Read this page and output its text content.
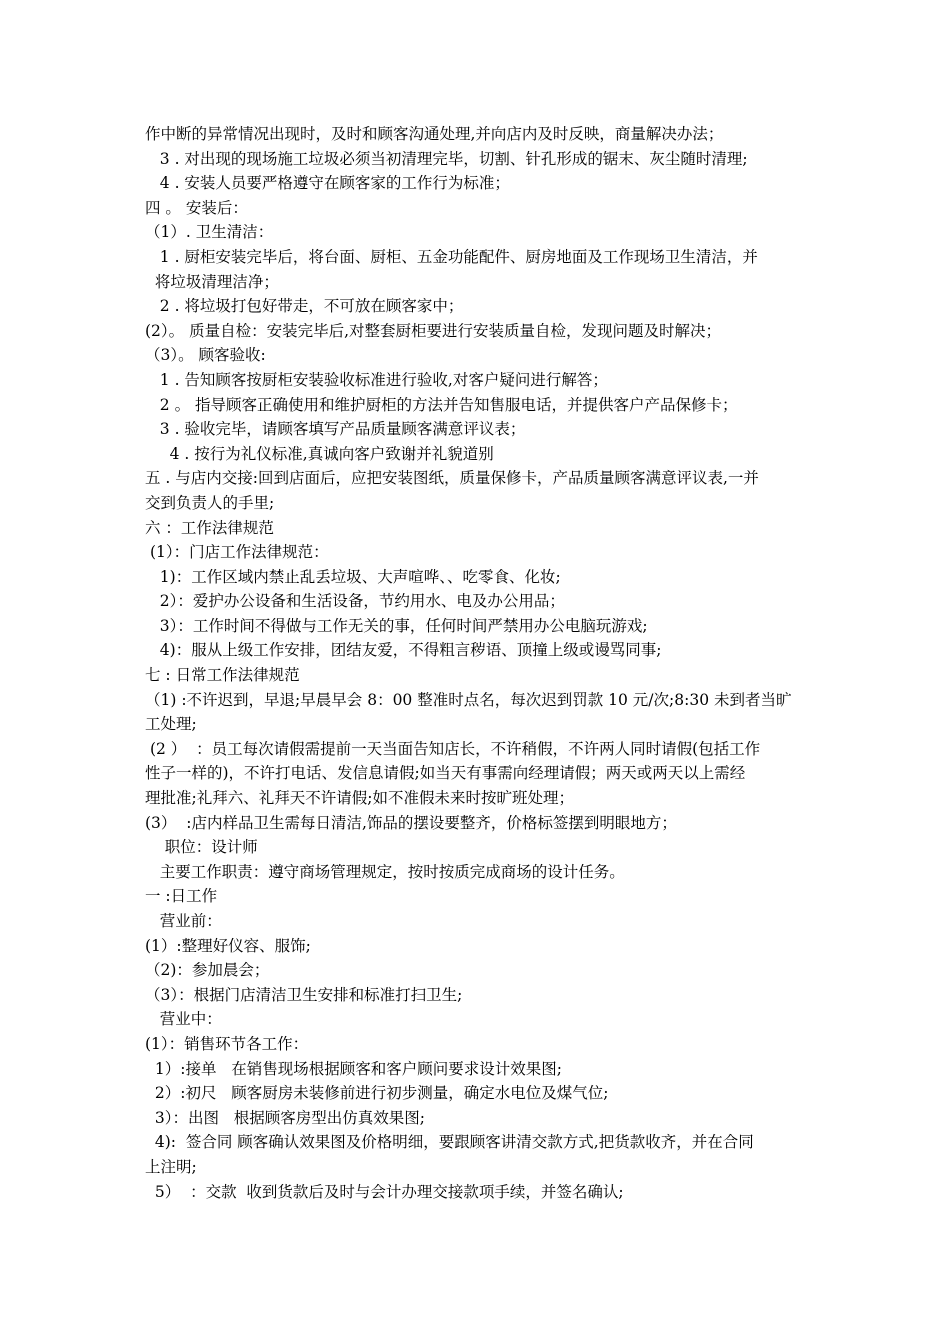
作中断的异常情况出现时，及时和顾客沟通处理,并向店内及时反映，商量解决办法；

3 . 对出现的现场施工垃圾必须当初清理完毕，切割、针孔形成的锯末、灰尘随时清理;

4 . 安装人员要严格遵守在顾客家的工作行为标准；

四 。 安装后：

（1）. 卫生清洁：

1 . 厨柜安装完毕后，将台面、厨柜、五金功能配件、厨房地面及工作现场卫生清洁，并

将垃圾清理洁净；

2 . 将垃圾打包好带走，不可放在顾客家中；

(2）。 质量自检：安装完毕后,对整套厨柜要进行安装质量自检，发现问题及时解决；

（3）。 顾客验收:

1 . 告知顾客按厨柜安装验收标准进行验收,对客户疑问进行解答；

2 。 指导顾客正确使用和维护厨柜的方法并告知售服电话，并提供客户产品保修卡；

3 . 验收完毕，请顾客填写产品质量顾客满意评议表；

4 . 按行为礼仪标准,真诚向客户致谢并礼貌道别

五 . 与店内交接:回到店面后，应把安装图纸，质量保修卡，产品质量顾客满意评议表,一并

交到负责人的手里;

六 ：工作法律规范

(1）：门店工作法律规范：

1)：工作区域内禁止乱丢垃圾、大声喧哗、、吃零食、化妆;

2）：爱护办公设备和生活设备，节约用水、电及办公用品；

3）：工作时间不得做与工作无关的事，任何时间严禁用办公电脑玩游戏;

4)：服从上级工作安排，团结友爱，不得粗言秽语、顶撞上级或谩骂同事;

七 : 日常工作法律规范

（1) :不许迟到，早退;早晨早会 8：00 整准时点名，每次迟到罚款 10 元/次;8:30 未到者当旷

工处理;

(2 ）  ：员工每次请假需提前一天当面告知店长，不许稍假，不许两人同时请假(包括工作

性子一样的)，不许打电话、发信息请假;如当天有事需向经理请假；两天或两天以上需经

理批准;礼拜六、礼拜天不许请假;如不准假未来时按旷班处理；

(3）  :店内样品卫生需每日清洁,饰品的摆设要整齐，价格标签摆到明眼地方；

职位：设计师

主要工作职责：遵守商场管理规定，按时按质完成商场的设计任务。

一 :日工作

营业前：

(1）:整理好仪容、服饰;

（2)：参加晨会；

（3）：根据门店清洁卫生安排和标准打扫卫生;

营业中：

(1）：销售环节各工作：

1）:接单   在销售现场根据顾客和客户顾问要求设计效果图;

2）:初尺   顾客厨房未装修前进行初步测量，确定水电位及煤气位;

3）：出图   根据顾客房型出仿真效果图;

4):  签合同 顾客确认效果图及价格明细，要跟顾客讲清交款方式,把货款收齐，并在合同

上注明;

5）  ：交款  收到货款后及时与会计办理交接款项手续，并签名确认;
